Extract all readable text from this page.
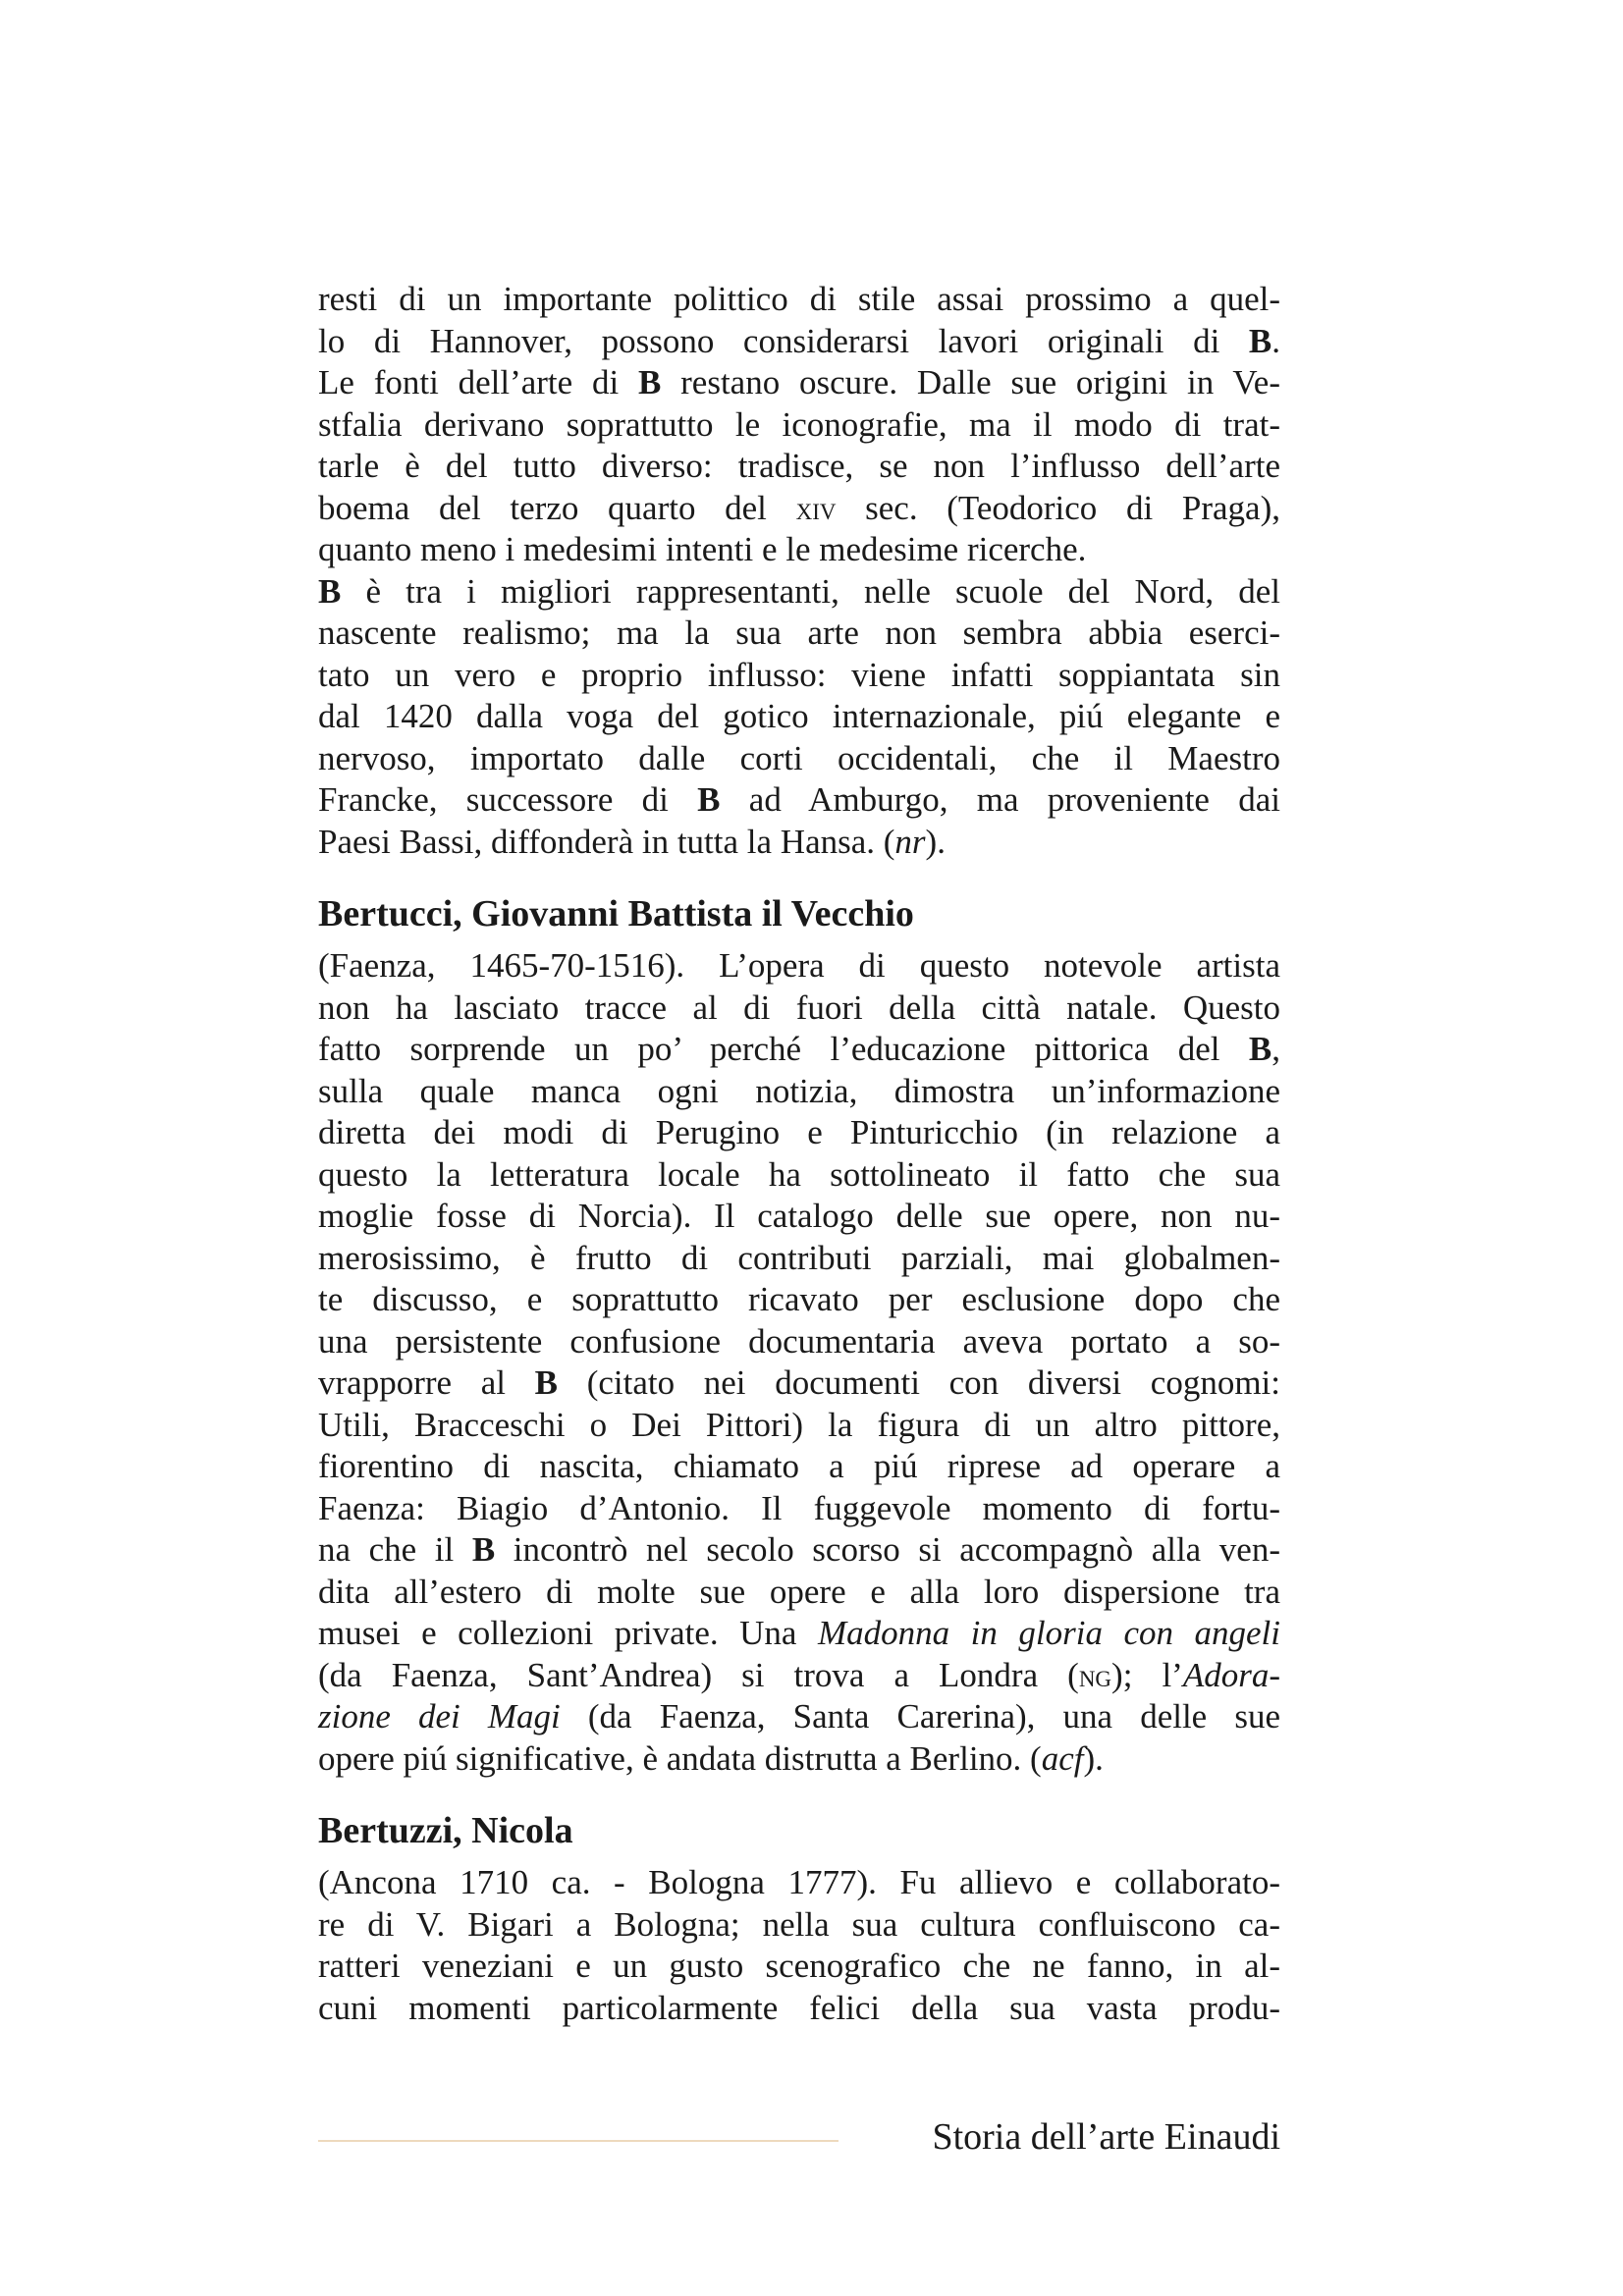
resti di un importante polittico di stile assai prossimo a quel-
lo di Hannover, possono considerarsi lavori originali di B.
Le fonti dell’arte di B restano oscure. Dalle sue origini in Ve-
stfalia derivano soprattutto le iconografie, ma il modo di trat-
tarle è del tutto diverso: tradisce, se non l’influsso dell’arte
boema del terzo quarto del xiv sec. (Teodorico di Praga),
quanto meno i medesimi intenti e le medesime ricerche.
B è tra i migliori rappresentanti, nelle scuole del Nord, del
nascente realismo; ma la sua arte non sembra abbia eserci-
tato un vero e proprio influsso: viene infatti soppiantata sin
dal 1420 dalla voga del gotico internazionale, piú elegante e
nervoso, importato dalle corti occidentali, che il Maestro
Francke, successore di B ad Amburgo, ma proveniente dai
Paesi Bassi, diffonderà in tutta la Hansa. (nr).
Bertucci, Giovanni Battista il Vecchio
(Faenza, 1465-70-1516). L’opera di questo notevole artista
non ha lasciato tracce al di fuori della città natale. Questo
fatto sorprende un po’ perché l’educazione pittorica del B,
sulla quale manca ogni notizia, dimostra un’informazione
diretta dei modi di Perugino e Pinturicchio (in relazione a
questo la letteratura locale ha sottolineato il fatto che sua
moglie fosse di Norcia). Il catalogo delle sue opere, non nu-
merosissimo, è frutto di contributi parziali, mai globalmen-
te discusso, e soprattutto ricavato per esclusione dopo che
una persistente confusione documentaria aveva portato a so-
vrapporre al B (citato nei documenti con diversi cognomi:
Utili, Bracceschi o Dei Pittori) la figura di un altro pittore,
fiorentino di nascita, chiamato a piú riprese ad operare a
Faenza: Biagio d’Antonio. Il fuggevole momento di fortu-
na che il B incontrò nel secolo scorso si accompagnò alla ven-
dita all’estero di molte sue opere e alla loro dispersione tra
musei e collezioni private. Una Madonna in gloria con angeli
(da Faenza, Sant’Andrea) si trova a Londra (ng); l’Adora-
zione dei Magi (da Faenza, Santa Carerina), una delle sue
opere piú significative, è andata distrutta a Berlino. (acf).
Bertuzzi, Nicola
(Ancona 1710 ca. - Bologna 1777). Fu allievo e collaborato-
re di V. Bigari a Bologna; nella sua cultura confluiscono ca-
ratteri veneziani e un gusto scenografico che ne fanno, in al-
cuni momenti particolarmente felici della sua vasta produ-
Storia dell’arte Einaudi
